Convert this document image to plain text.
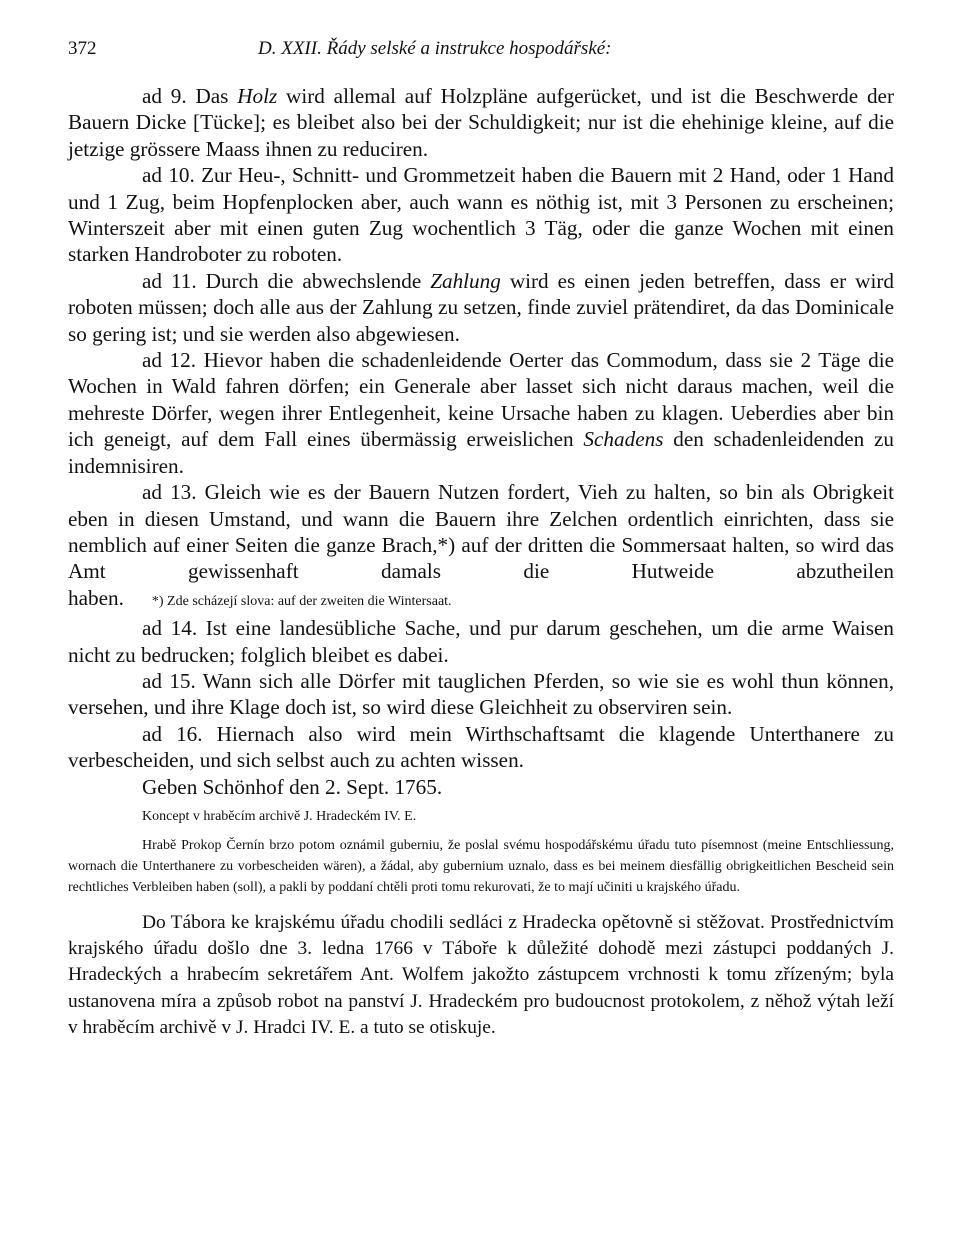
372	D. XXII. Řády selské a instrukce hospodářské:

ad 9. Das Holz wird allemal auf Holzpläne aufgerücket, und ist die Beschwerde der Bauern Dicke [Tücke]; es bleibet also bei der Schuldigkeit; nur ist die ehehinige kleine, auf die jetzige grössere Maass ihnen zu reduciren.

ad 10. Zur Heu-, Schnitt- und Grommetzeit haben die Bauern mit 2 Hand, oder 1 Hand und 1 Zug, beim Hopfenplocken aber, auch wann es nöthig ist, mit 3 Personen zu erscheinen; Winterszeit aber mit einen guten Zug wochentlich 3 Täg, oder die ganze Wochen mit einen starken Handroboter zu roboten.

ad 11. Durch die abwechslende Zahlung wird es einen jeden betreffen, dass er wird roboten müssen; doch alle aus der Zahlung zu setzen, finde zuviel prätendiret, da das Dominicale so gering ist; und sie werden also abgewiesen.

ad 12. Hievor haben die schadenleidende Oerter das Commodum, dass sie 2 Täge die Wochen in Wald fahren dörfen; ein Generale aber lasset sich nicht daraus machen, weil die mehreste Dörfer, wegen ihrer Entlegenheit, keine Ursache haben zu klagen. Ueberdies aber bin ich geneigt, auf dem Fall eines übermässig erweislichen Schadens den schadenleidenden zu indemnisiren.

ad 13. Gleich wie es der Bauern Nutzen fordert, Vieh zu halten, so bin als Obrigkeit eben in diesen Umstand, und wann die Bauern ihre Zelchen ordentlich einrichten, dass sie nemblich auf einer Seiten die ganze Brach,*) auf der dritten die Sommersaat halten, so wird das Amt gewissenhaft damals die Hutweide abzutheilen haben. *) Zde scházejí slova: auf der zweiten die Wintersaat.

ad 14. Ist eine landesübliche Sache, und pur darum geschehen, um die arme Waisen nicht zu bedrucken; folglich bleibet es dabei.

ad 15. Wann sich alle Dörfer mit tauglichen Pferden, so wie sie es wohl thun können, versehen, und ihre Klage doch ist, so wird diese Gleichheit zu observiren sein.

ad 16. Hiernach also wird mein Wirthschaftsamt die klagende Unterthanere zu verbescheiden, und sich selbst auch zu achten wissen.

Geben Schönhof den 2. Sept. 1765.

Koncept v hraběcím archivě J. Hradeckém IV. E.

Hrabě Prokop Černín brzo potom oznámil guberniu, že poslal svému hospodářskému úřadu tuto písemnost (meine Entschliessung, wornach die Unterthanere zu vorbescheiden wären), a žádal, aby gubernium uznalo, dass es bei meinem diesfällig obrigkeitlichen Bescheid sein rechtliches Verbleiben haben (soll), a pakli by poddaní chtěli proti tomu rekurovati, že to mají učiniti u krajského úřadu.

Do Tábora ke krajskému úřadu chodili sedláci z Hradecka opětovně si stěžovat. Prostřednictvím krajského úřadu došlo dne 3. ledna 1766 v Táboře k důležité dohodě mezi zástupci poddaných J. Hradeckých a hrabecím sekretářem Ant. Wolfem jakožto zástupcem vrchnosti k tomu zřízeným; byla ustanovena míra a způsob robot na panství J. Hradeckém pro budoucnost protokolem, z něhož výtah leží v hraběcím archivě v J. Hradci IV. E. a tuto se otiskuje.
